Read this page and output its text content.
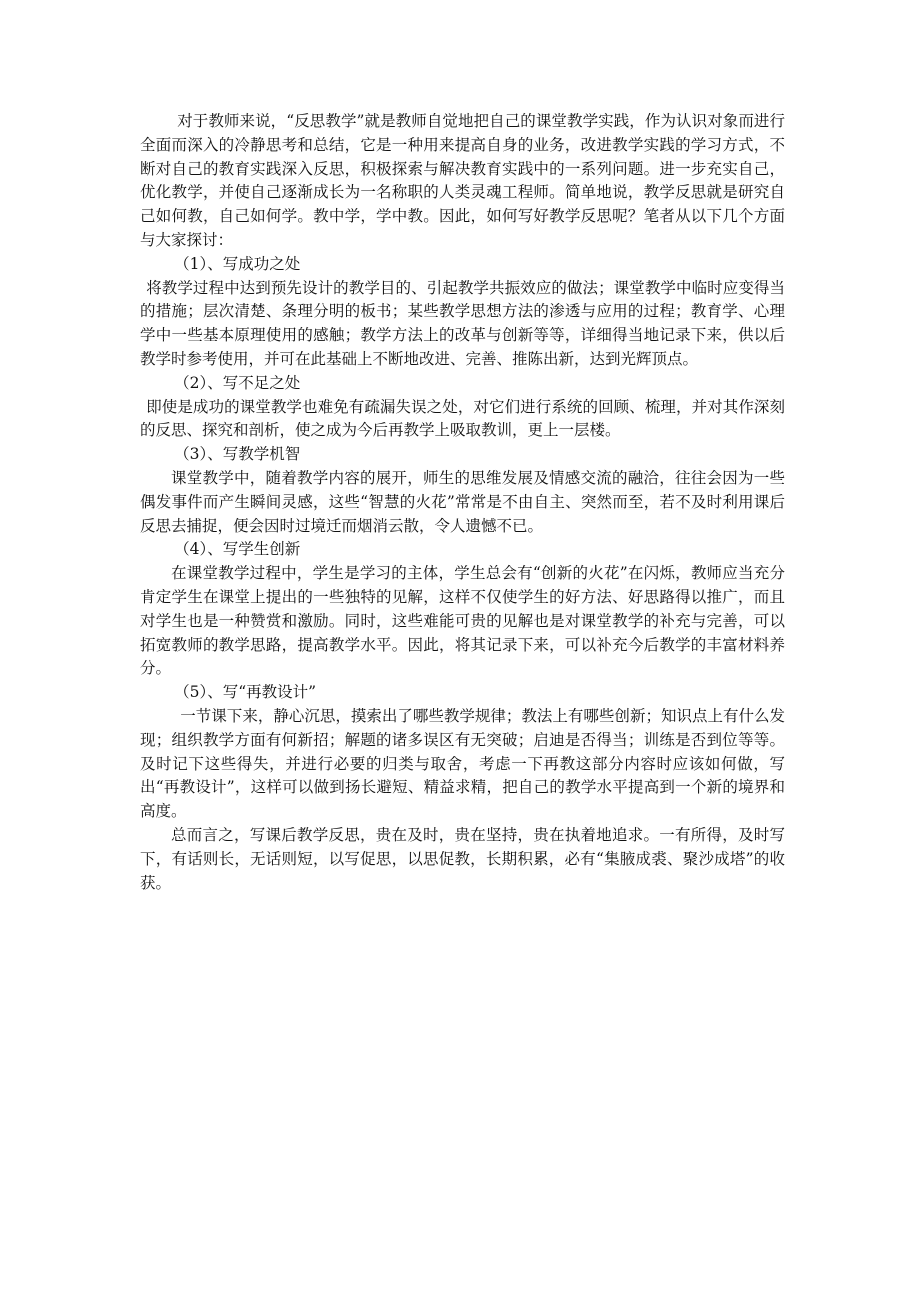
对于教师来说，“反思教学”就是教师自觉地把自己的课堂教学实践，作为认识对象而进行全面而深入的冷静思考和总结，它是一种用来提高自身的业务，改进教学实践的学习方式，不断对自己的教育实践深入反思，积极探索与解决教育实践中的一系列问题。进一步充实自己，优化教学，并使自己逐渐成长为一名称职的人类灵魂工程师。简单地说，教学反思就是研究自己如何教，自己如何学。教中学，学中教。因此，如何写好教学反思呢？笔者从以下几个方面与大家探讨：

（1）、写成功之处

将教学过程中达到预先设计的教学目的、引起教学共振效应的做法；课堂教学中临时应变得当的措施；层次清楚、条理分明的板书；某些教学思想方法的渗透与应用的过程；教育学、心理学中一些基本原理使用的感触；教学方法上的改革与创新等等，详细得当地记录下来，供以后教学时参考使用，并可在此基础上不断地改进、完善、推陈出新，达到光辉顶点。

（2）、写不足之处

即使是成功的课堂教学也难免有疏漏失误之处，对它们进行系统的回顾、梳理，并对其作深刻的反思、探究和剖析，使之成为今后再教学上吸取教训，更上一层楼。

（3）、写教学机智

课堂教学中，随着教学内容的展开，师生的思维发展及情感交流的融洽，往往会因为一些偶发事件而产生瞬间灵感，这些“智慧的火花”常常是不由自主、突然而至，若不及时利用课后反思去捕捉，便会因时过境迁而烟消云散，令人遗憾不已。

（4）、写学生创新

在课堂教学过程中，学生是学习的主体，学生总会有“创新的火花”在闪烁，教师应当充分肯定学生在课堂上提出的一些独特的见解，这样不仅使学生的好方法、好思路得以推广，而且对学生也是一种赞赏和激励。同时，这些难能可贵的见解也是对课堂教学的补充与完善，可以拓宽教师的教学思路，提高教学水平。因此，将其记录下来，可以补充今后教学的丰富材料养分。

（5）、写“再教设计”

一节课下来，静心沉思，摸索出了哪些教学规律；教法上有哪些创新；知识点上有什么发现；组织教学方面有何新招；解题的诸多误区有无突破；启迪是否得当；训练是否到位等等。及时记下这些得失，并进行必要的归类与取舍，考虑一下再教这部分内容时应该如何做，写出“再教设计”，这样可以做到扬长避短、精益求精，把自己的教学水平提高到一个新的境界和高度。

总而言之，写课后教学反思，贵在及时，贵在坚持，贵在执着地追求。一有所得，及时写下，有话则长，无话则短，以写促思，以思促教，长期积累，必有“集腋成裘、聚沙成塔”的收获。
